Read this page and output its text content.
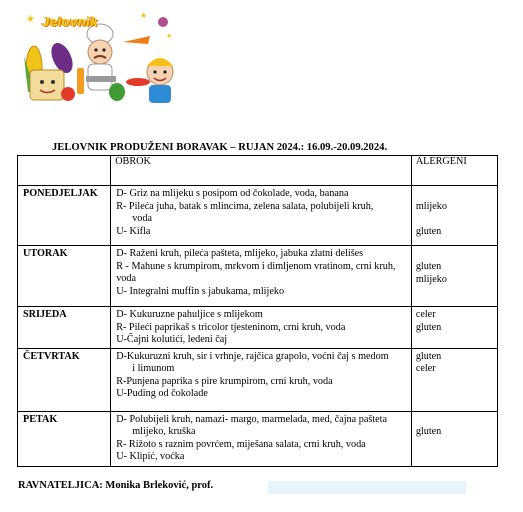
★	★
★
Jelovnik
JELOVNIK PRODUŽENI BORAVAK – RUJAN 2024.: 16.09.-20.09.2024.

	OBROK	ALERGENI

PONEDJELJAK	D- Griz na mlijeku s posipom od čokolade, voda, banana
R- Pileća juha, batak s mlincima, zelena salata, polubijeli kruh,
voda
U- Kifla	mlijeko
gluten

UTORAK	D- Raženi kruh, pileća pašteta, mlijeko, jabuka zlatni delišes
R - Mahune s krumpirom, mrkvom i dimljenom vratinom, crni kruh,
voda
U- Integralni muffin s jabukama, mlijeko	gluten
mlijeko

SRIJEDA	D- Kukuruzne pahuljice s mlijekom
R- Pileći paprikaš s tricolor tjesteninom, crni kruh, voda
U-Čajni kolutići, ledeni čaj	celer
gluten

ČETVRTAK	D-Kukuruzni kruh, sir i vrhnje, rajčica grapolo, voćni čaj s medom
i limunom
R-Punjena paprika s pire krumpirom, crni kruh, voda
U-Puding od čokolade	gluten
celer

PETAK	D- Polubijeli kruh, namazi- margo, marmelada, med, čajna pašteta
mlijeko, kruška
R- Rižoto s raznim povrćem, miješana salata, crni kruh, voda
U- Klipić, voćka	gluten
RAVNATELJICA: Monika Brleković, prof.
